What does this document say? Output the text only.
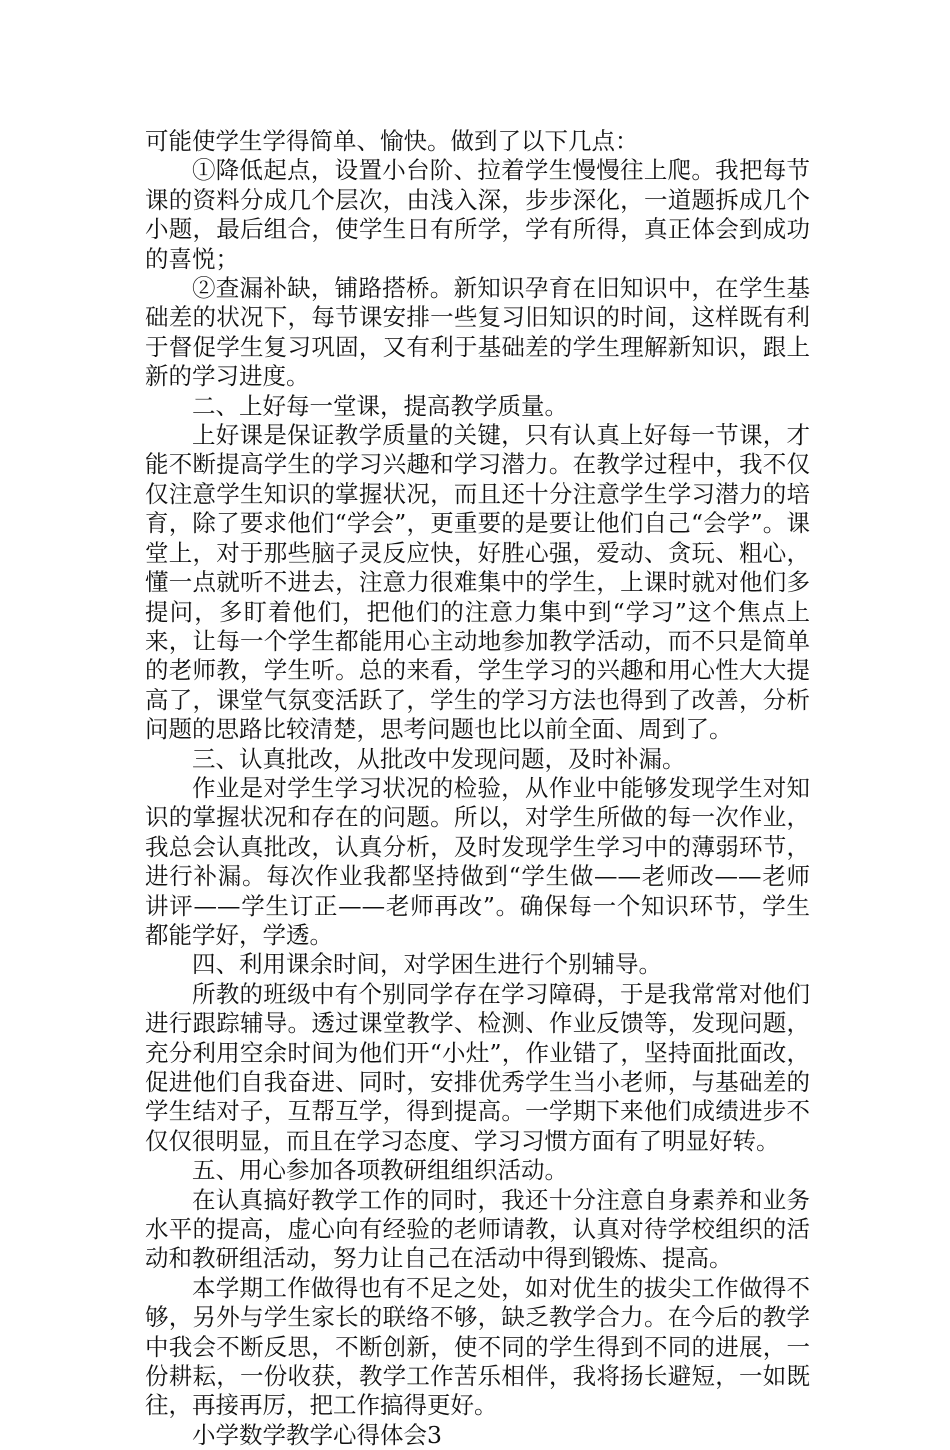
可能使学生学得简单、愉快。做到了以下几点：

①降低起点，设置小台阶、拉着学生慢慢往上爬。我把每节课的资料分成几个层次，由浅入深，步步深化，一道题拆成几个小题，最后组合，使学生日有所学，学有所得，真正体会到成功的喜悦；

②查漏补缺，铺路搭桥。新知识孕育在旧知识中，在学生基础差的状况下，每节课安排一些复习旧知识的时间，这样既有利于督促学生复习巩固，又有利于基础差的学生理解新知识，跟上新的学习进度。

二、上好每一堂课，提高教学质量。

上好课是保证教学质量的关键，只有认真上好每一节课，才能不断提高学生的学习兴趣和学习潜力。在教学过程中，我不仅仅注意学生知识的掌握状况，而且还十分注意学生学习潜力的培育，除了要求他们“学会”，更重要的是要让他们自己“会学”。课堂上，对于那些脑子灵反应快，好胜心强，爱动、贪玩、粗心，懂一点就听不进去，注意力很难集中的学生，上课时就对他们多提问，多盯着他们，把他们的注意力集中到“学习”这个焦点上来，让每一个学生都能用心主动地参加教学活动，而不只是简单的老师教，学生听。总的来看，学生学习的兴趣和用心性大大提高了，课堂气氛变活跃了，学生的学习方法也得到了改善，分析问题的思路比较清楚，思考问题也比以前全面、周到了。

三、认真批改，从批改中发现问题，及时补漏。

作业是对学生学习状况的检验，从作业中能够发现学生对知识的掌握状况和存在的问题。所以，对学生所做的每一次作业，我总会认真批改，认真分析，及时发现学生学习中的薄弱环节，进行补漏。每次作业我都坚持做到“学生做——老师改——老师讲评——学生订正——老师再改”。确保每一个知识环节，学生都能学好，学透。

四、利用课余时间，对学困生进行个别辅导。

所教的班级中有个别同学存在学习障碍，于是我常常对他们进行跟踪辅导。透过课堂教学、检测、作业反馈等，发现问题，充分利用空余时间为他们开“小灶”，作业错了，坚持面批面改，促进他们自我奋进、同时，安排优秀学生当小老师，与基础差的学生结对子，互帮互学，得到提高。一学期下来他们成绩进步不仅仅很明显，而且在学习态度、学习习惯方面有了明显好转。

五、用心参加各项教研组组织活动。

在认真搞好教学工作的同时，我还十分注意自身素养和业务水平的提高，虚心向有经验的老师请教，认真对待学校组织的活动和教研组活动，努力让自己在活动中得到锻炼、提高。

本学期工作做得也有不足之处，如对优生的拔尖工作做得不够，另外与学生家长的联络不够，缺乏教学合力。在今后的教学中我会不断反思，不断创新，使不同的学生得到不同的进展，一份耕耘，一份收获，教学工作苦乐相伴，我将扬长避短，一如既往，再接再厉，把工作搞得更好。

小学数学教学心得体会3
